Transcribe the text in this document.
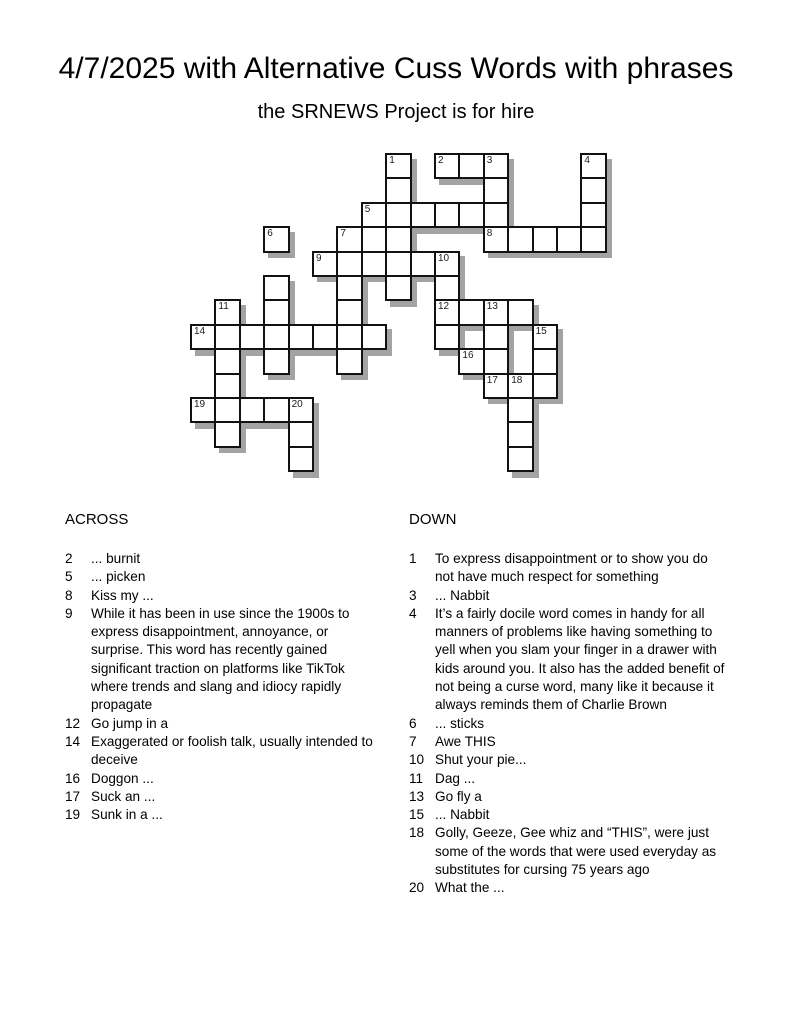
4/7/2025 with Alternative Cuss Words with phrases
the SRNEWS Project is for hire
1	2	3	4
5
6	7	8
9	10
11	12	13
14	15
16
17 18
19	20
ACROSS
2	... burnit
5	... picken
8	Kiss my ...
9	While it has been in use since the 1900s to express disappointment, annoyance, or surprise. This word has recently gained significant traction on platforms like TikTok where trends and slang and idiocy rapidly propagate
12 Go jump in a
14 Exaggerated or foolish talk, usually intended to deceive
16 Doggon ...
17 Suck an ...
19 Sunk in a ...
DOWN
1	To express disappointment or to show you do not have much respect for something
3	... Nabbit
4	It’s a fairly docile word comes in handy for all manners of problems like having something to yell when you slam your finger in a drawer with kids around you. It also has the added benefit of not being a curse word, many like it because it always reminds them of Charlie Brown
6	... sticks
7	Awe THIS
10 Shut your pie...
11 Dag ...
13 Go fly a
15 ... Nabbit
18 Golly, Geeze, Gee whiz and “THIS”, were just some of the words that were used everyday as substitutes for cursing 75 years ago
20 What the ...
